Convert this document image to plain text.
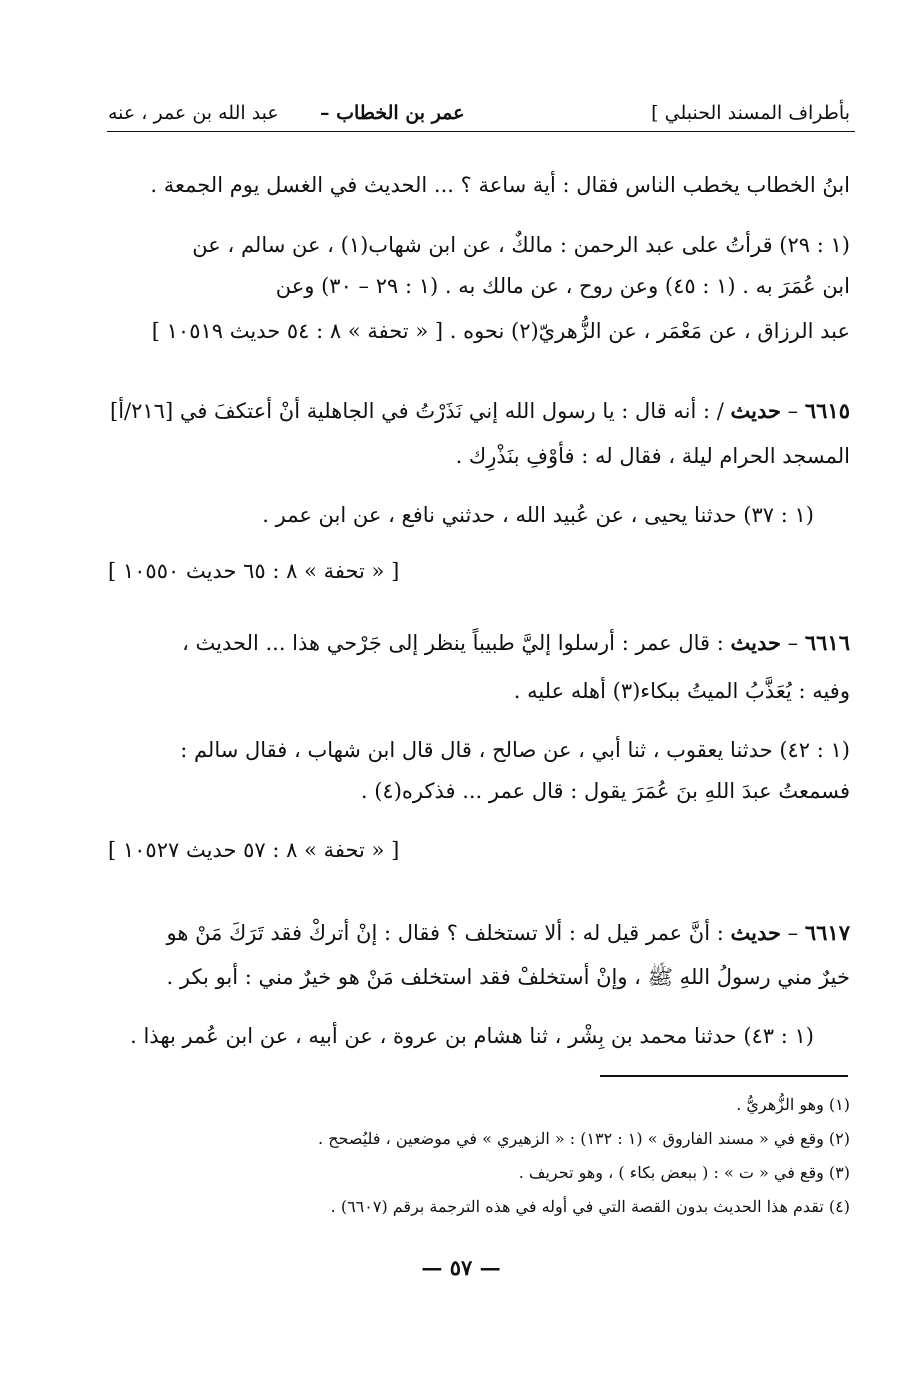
عبد الله بن عمر ، عنه عمر بن الخطاب –	بأطراف المسند الحنبلي ]
ابنُ الخطاب يخطب الناس فقال : أية ساعة ؟ ... الحديث في الغسل يوم الجمعة .
(١ : ٢٩) قرأتُ على عبد الرحمن : مالكٌ ، عن ابن شهاب(١) ، عن سالم ، عن
ابن عُمَرَ به . (١ : ٤٥) وعن روح ، عن مالك به . (١ : ٢٩ – ٣٠) وعن
عبد الرزاق ، عن مَعْمَر ، عن الزُّهريّ(٢) نحوه . [ « تحفة » ٨ : ٥٤ حديث ١٠٥١٩ ]
٦٦١٥ – حديث / : أنه قال : يا رسول الله إني نَذَرْتُ في الجاهلية أنْ أعتكفَ في [٢١٦/أ]
المسجد الحرام ليلة ، فقال له : فأوْفِ بنَذْرِك .
(١ : ٣٧) حدثنا يحيى ، عن عُبيد الله ، حدثني نافع ، عن ابن عمر .
[ « تحفة » ٨ : ٦٥ حديث ١٠٥٥٠ ]
٦٦١٦ – حديث : قال عمر : أرسلوا إليَّ طبيباً ينظر إلى جَرْحي هذا ... الحديث ،
وفيه : يُعَذَّبُ الميتُ ببكاء(٣) أهله عليه .
(١ : ٤٢) حدثنا يعقوب ، ثنا أبي ، عن صالح ، قال قال ابن شهاب ، فقال سالم :
فسمعتُ عبدَ اللهِ بنَ عُمَرَ يقول : قال عمر ... فذكره(٤) .
[ « تحفة » ٨ : ٥٧ حديث ١٠٥٢٧ ]
٦٦١٧ – حديث : أنَّ عمر قيل له : ألا تستخلف ؟ فقال : إنْ أتركْ فقد تَرَكَ مَنْ هو
خيرٌ مني رسولُ اللهِ ﷺ ، وإنْ أستخلفْ فقد استخلف مَنْ هو خيرٌ مني : أبو بكر .
(١ : ٤٣) حدثنا محمد بن بِشْر ، ثنا هشام بن عروة ، عن أبيه ، عن ابن عُمر بهذا .
(١) وهو الزُّهريُّ .
(٢) وقع في « مسند الفاروق » (١ : ١٣٢) : « الزهيري » في موضعين ، فليُصحح .
(٣) وقع في « ت » : ( ببعض بكاء ) ، وهو تحريف .
(٤) تقدم هذا الحديث بدون القصة التي في أوله في هذه الترجمة برقم (٦٦٠٧) .
— ٥٧ —
